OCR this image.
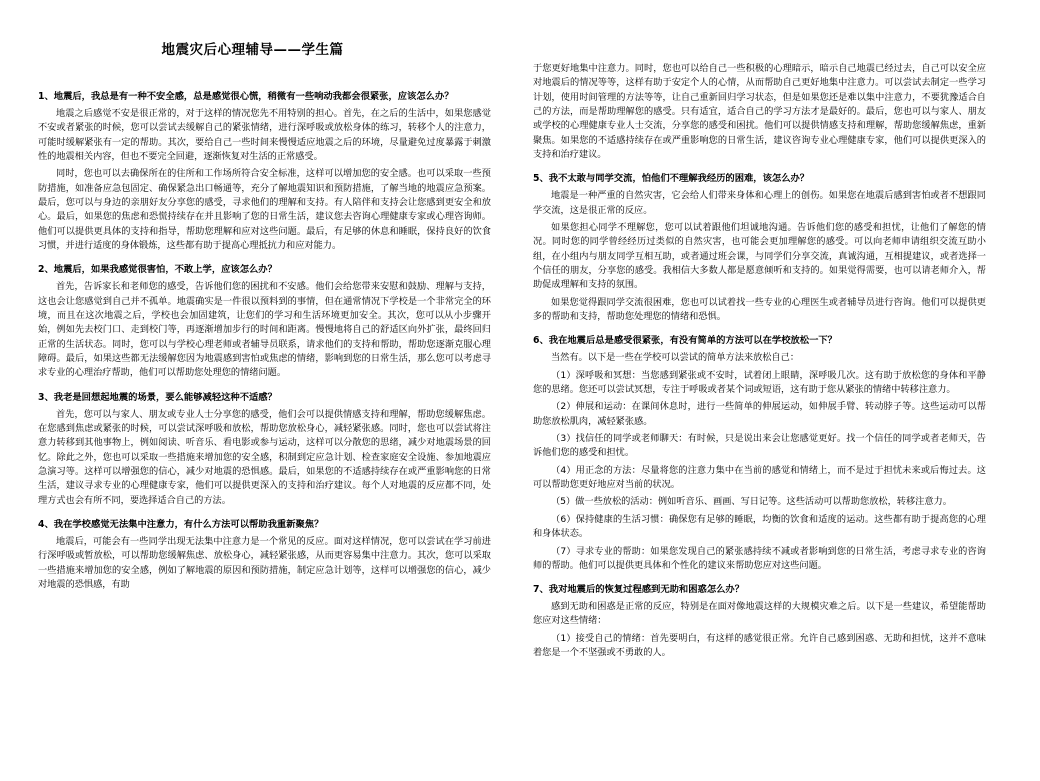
地震灾后心理辅导——学生篇
1、地震后，我总是有一种不安全感，总是感觉很心慌，稍微有一些响动我都会很紧张，应该怎么办？
地震之后感觉不安是很正常的，对于这样的情况您先不用特别的担心。首先，在之后的生活中，如果您感觉不安或者紧张的时候，您可以尝试去缓解自己的紧张情绪，进行深呼吸或放松身体的练习，转移个人的注意力，可能时缓解紧张有一定的帮助。其次，要给自己一些时间来慢慢适应地震之后的环境，尽量避免过度暴露于刺激性的地震相关内容，但也不要完全回避，逐渐恢复对生活的正常感受。
同时，您也可以去确保所在的住所和工作场所符合安全标准，这样可以增加您的安全感。也可以采取一些预防措施，如准备应急包固定、确保紧急出口畅通等，充分了解地震知识和预防措施，了解当地的地震应急预案。最后，您可以与身边的亲朋好友分享您的感受，寻求他们的理解和支持。有人陪伴和支持会让您感到更安全和放心。最后，如果您的焦虑和恐慌持续存在并且影响了您的日常生活，建议您去咨询心理健康专家或心理咨询师。他们可以提供更具体的支持和指导，帮助您理解和应对这些问题。最后，有足够的休息和睡眠，保持良好的饮食习惯，并进行适度的身体锻炼，这些都有助于提高心理抵抗力和应对能力。
2、地震后，如果我感觉很害怕，不敢上学，应该怎么办？
首先，告诉家长和老师您的感受，告诉他们您的困扰和不安感。他们会给您带来安慰和鼓励、理解与支持，这也会让您感觉到自己并不孤单。地震确实是一件很以预料到的事情，但在通常情况下学校是一个非常完全的环境，而且在这次地震之后，学校也会加固建筑，让您们的学习和生活环境更加安全。其次，您可以从小步骤开始，例如先去校门口、走到校门等，再逐渐增加步行的时间和距离。慢慢地将自己的舒适区向外扩张，最终回归正常的生活状态。同时，您可以与学校心理老师或者辅导员联系，请求他们的支持和帮助，帮助您逐渐克服心理障碍。最后，如果这些都无法缓解您因为地震感到害怕或焦虑的情绪，影响到您的日常生活，那么您可以考虑寻求专业的心理治疗帮助，他们可以帮助您处理您的情绪问题。
3、我老是回想起地震的场景，要么能够减轻这种不适感？
首先，您可以与家人、朋友或专业人士分享您的感受，他们会可以提供情感支持和理解，帮助您缓解焦虑。在您感到焦虑或紧张的时候，可以尝试深呼吸和放松，帮助您放松身心，减轻紧张感。同时，您也可以尝试将注意力转移到其他事物上，例如阅读、听音乐、看电影或参与运动，这样可以分散您的思绪，减少对地震场景的回忆。除此之外，您也可以采取一些措施来增加您的安全感，积制到定应急计划、检查家庭安全设施、参加地震应急演习等。这样可以增强您的信心，减少对地震的恐惧感。最后，如果您的不适感持续存在或严重影响您的日常生活，建议寻求专业的心理健康专家，他们可以提供更深入的支持和治疗建议。每个人对地震的反应都不同，处理方式也会有所不同，要选择适合自己的方法。
4、我在学校感觉无法集中注意力，有什么方法可以帮助我重新聚焦？
地震后，可能会有一些同学出现无法集中注意力是一个常见的反应。面对这样情况，您可以尝试在学习前进行深呼吸或暂放松，可以帮助您缓解焦虑、放松身心，减轻紧张感，从而更容易集中注意力。其次，您可以采取一些措施来增加您的安全感，例如了解地震的原因和预防措施，制定应急计划等，这样可以增强您的信心，减少对地震的恐惧感，有助
于您更好地集中注意力。同时，您也可以给自己一些积极的心理暗示，暗示自己地震已经过去，自己可以安全应对地震后的情况等等，这样有助于安定个人的心情，从而帮助自己更好地集中注意力。可以尝试去制定一些学习计划，使用时间管理的方法等等，让自己重新回归学习状态，但是如果您还是难以集中注意力，不要犹豫适合自己的方法，而是帮助理解您的感受。只有适宜，适合自己的学习方法才是最好的。最后，您也可以与家人、朋友或学校的心理健康专业人士交流，分享您的感受和困扰。他们可以提供情感支持和理解，帮助您缓解焦虑，重新聚焦。如果您的不适感持续存在或严重影响您的日常生活，建议咨询专业心理健康专家，他们可以提供更深入的支持和治疗建议。
5、我不太敢与同学交流，怕他们不理解我经历的困难，该怎么办？
地震是一种严重的自然灾害，它会给人们带来身体和心理上的创伤。如果您在地震后感到害怕或者不想跟同学交流，这是很正常的反应。
如果您担心同学不理解您，您可以试着跟他们坦诚地沟通。告诉他们您的感受和担忧，让他们了解您的情况。同时您的同学曾经经历过类似的自然灾害，也可能会更加理解您的感受。可以向老师申请组织交流互助小组，在小组内与朋友同学互相互助，或者通过班会课，与同学们分享交流，真诚沟通，互相提建议，或者选择一个信任的朋友，分享您的感受。我相信大多数人都是愿意倾听和支持的。如果觉得需要，也可以请老师介入，帮助促成理解和支持的氛围。
如果您觉得跟同学交流很困难，您也可以试着找一些专业的心理医生或者辅导员进行咨询。他们可以提供更多的帮助和支持，帮助您处理您的情绪和恐惧。
6、我在地震后总是感受很紧张，有没有简单的方法可以在学校放松一下？
当然有。以下是一些在学校可以尝试的简单方法来放松自己：
（1）深呼吸和冥想：当您感到紧张或不安时，试着闭上眼睛，深呼吸几次。这有助于放松您的身体和平静您的思绪。您还可以尝试冥想，专注于呼吸或者某个词或短语，这有助于您从紧张的情绪中转移注意力。
（2）伸展和运动：在课间休息时，进行一些简单的伸展运动，如伸展手臂、转动脖子等。这些运动可以帮助您放松肌肉，减轻紧张感。
（3）找信任的同学或老师聊天：有时候，只是说出来会让您感觉更好。找一个信任的同学或者老师天，告诉他们您的感受和担忧。
（4）用正念的方法：尽量将您的注意力集中在当前的感觉和情绪上，而不是过于担忧未来或后悔过去。这可以帮助您更好地应对当前的状况。
（5）做一些放松的活动：例如听音乐、画画、写日记等。这些活动可以帮助您放松，转移注意力。
（6）保持健康的生活习惯：确保您有足够的睡眠，均衡的饮食和适度的运动。这些都有助于提高您的心理和身体状态。
（7）寻求专业的帮助：如果您发现自己的紧张感持续不减或者影响到您的日常生活，考虑寻求专业的咨询师的帮助。他们可以提供更具体和个性化的建议来帮助您应对这些问题。
7、我对地震后的恢复过程感到无助和困惑怎么办？
感到无助和困惑是正常的反应，特别是在面对像地震这样的大规模灾难之后。以下是一些建议，希望能帮助您应对这些情绪：
（1）接受自己的情绪：首先要明白，有这样的感觉很正常。允许自己感到困惑、无助和担忧，这并不意味着您是一个不坚强或不勇敢的人。
